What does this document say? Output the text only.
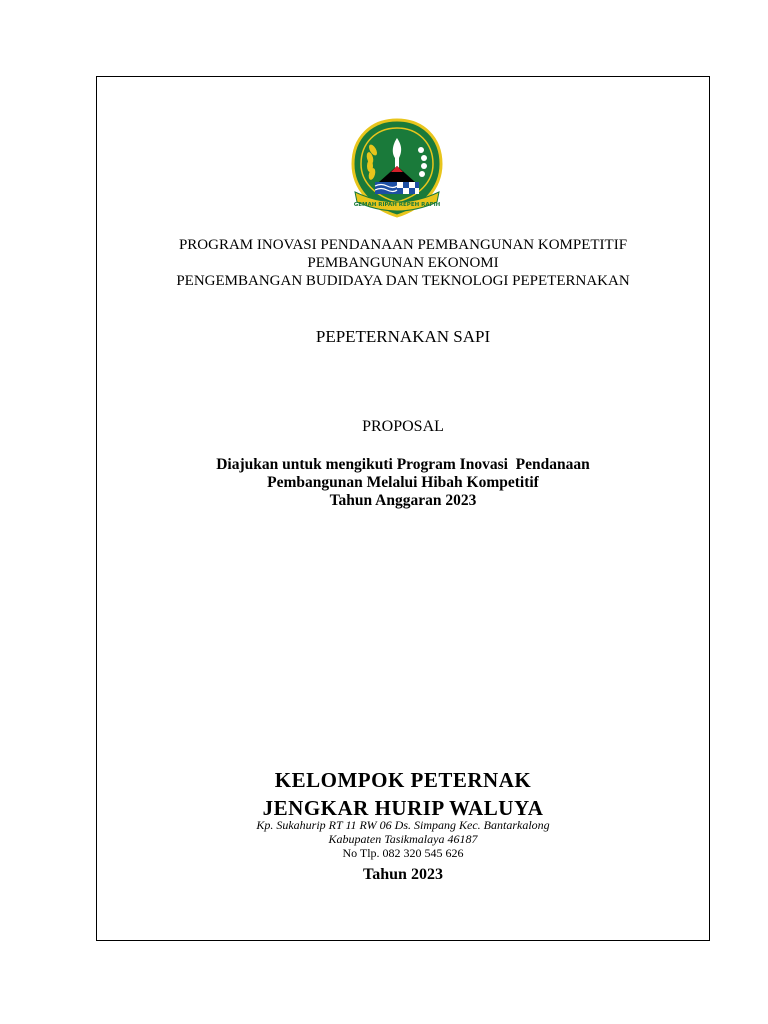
GEMAH RIPAH REPEH RAPIH
PROGRAM INOVASI PENDANAAN PEMBANGUNAN KOMPETITIF
PEMBANGUNAN EKONOMI
PENGEMBANGAN BUDIDAYA DAN TEKNOLOGI PEPETERNAKAN
PEPETERNAKAN SAPI
PROPOSAL
Diajukan untuk mengikuti Program Inovasi  Pendanaan
Pembangunan Melalui Hibah Kompetitif
Tahun Anggaran 2023
KELOMPOK PETERNAK
JENGKAR HURIP WALUYA
Kp. Sukahurip RT 11 RW 06 Ds. Simpang Kec. Bantarkalong
Kabupaten Tasikmalaya 46187
No Tlp. 082 320 545 626
Tahun 2023
